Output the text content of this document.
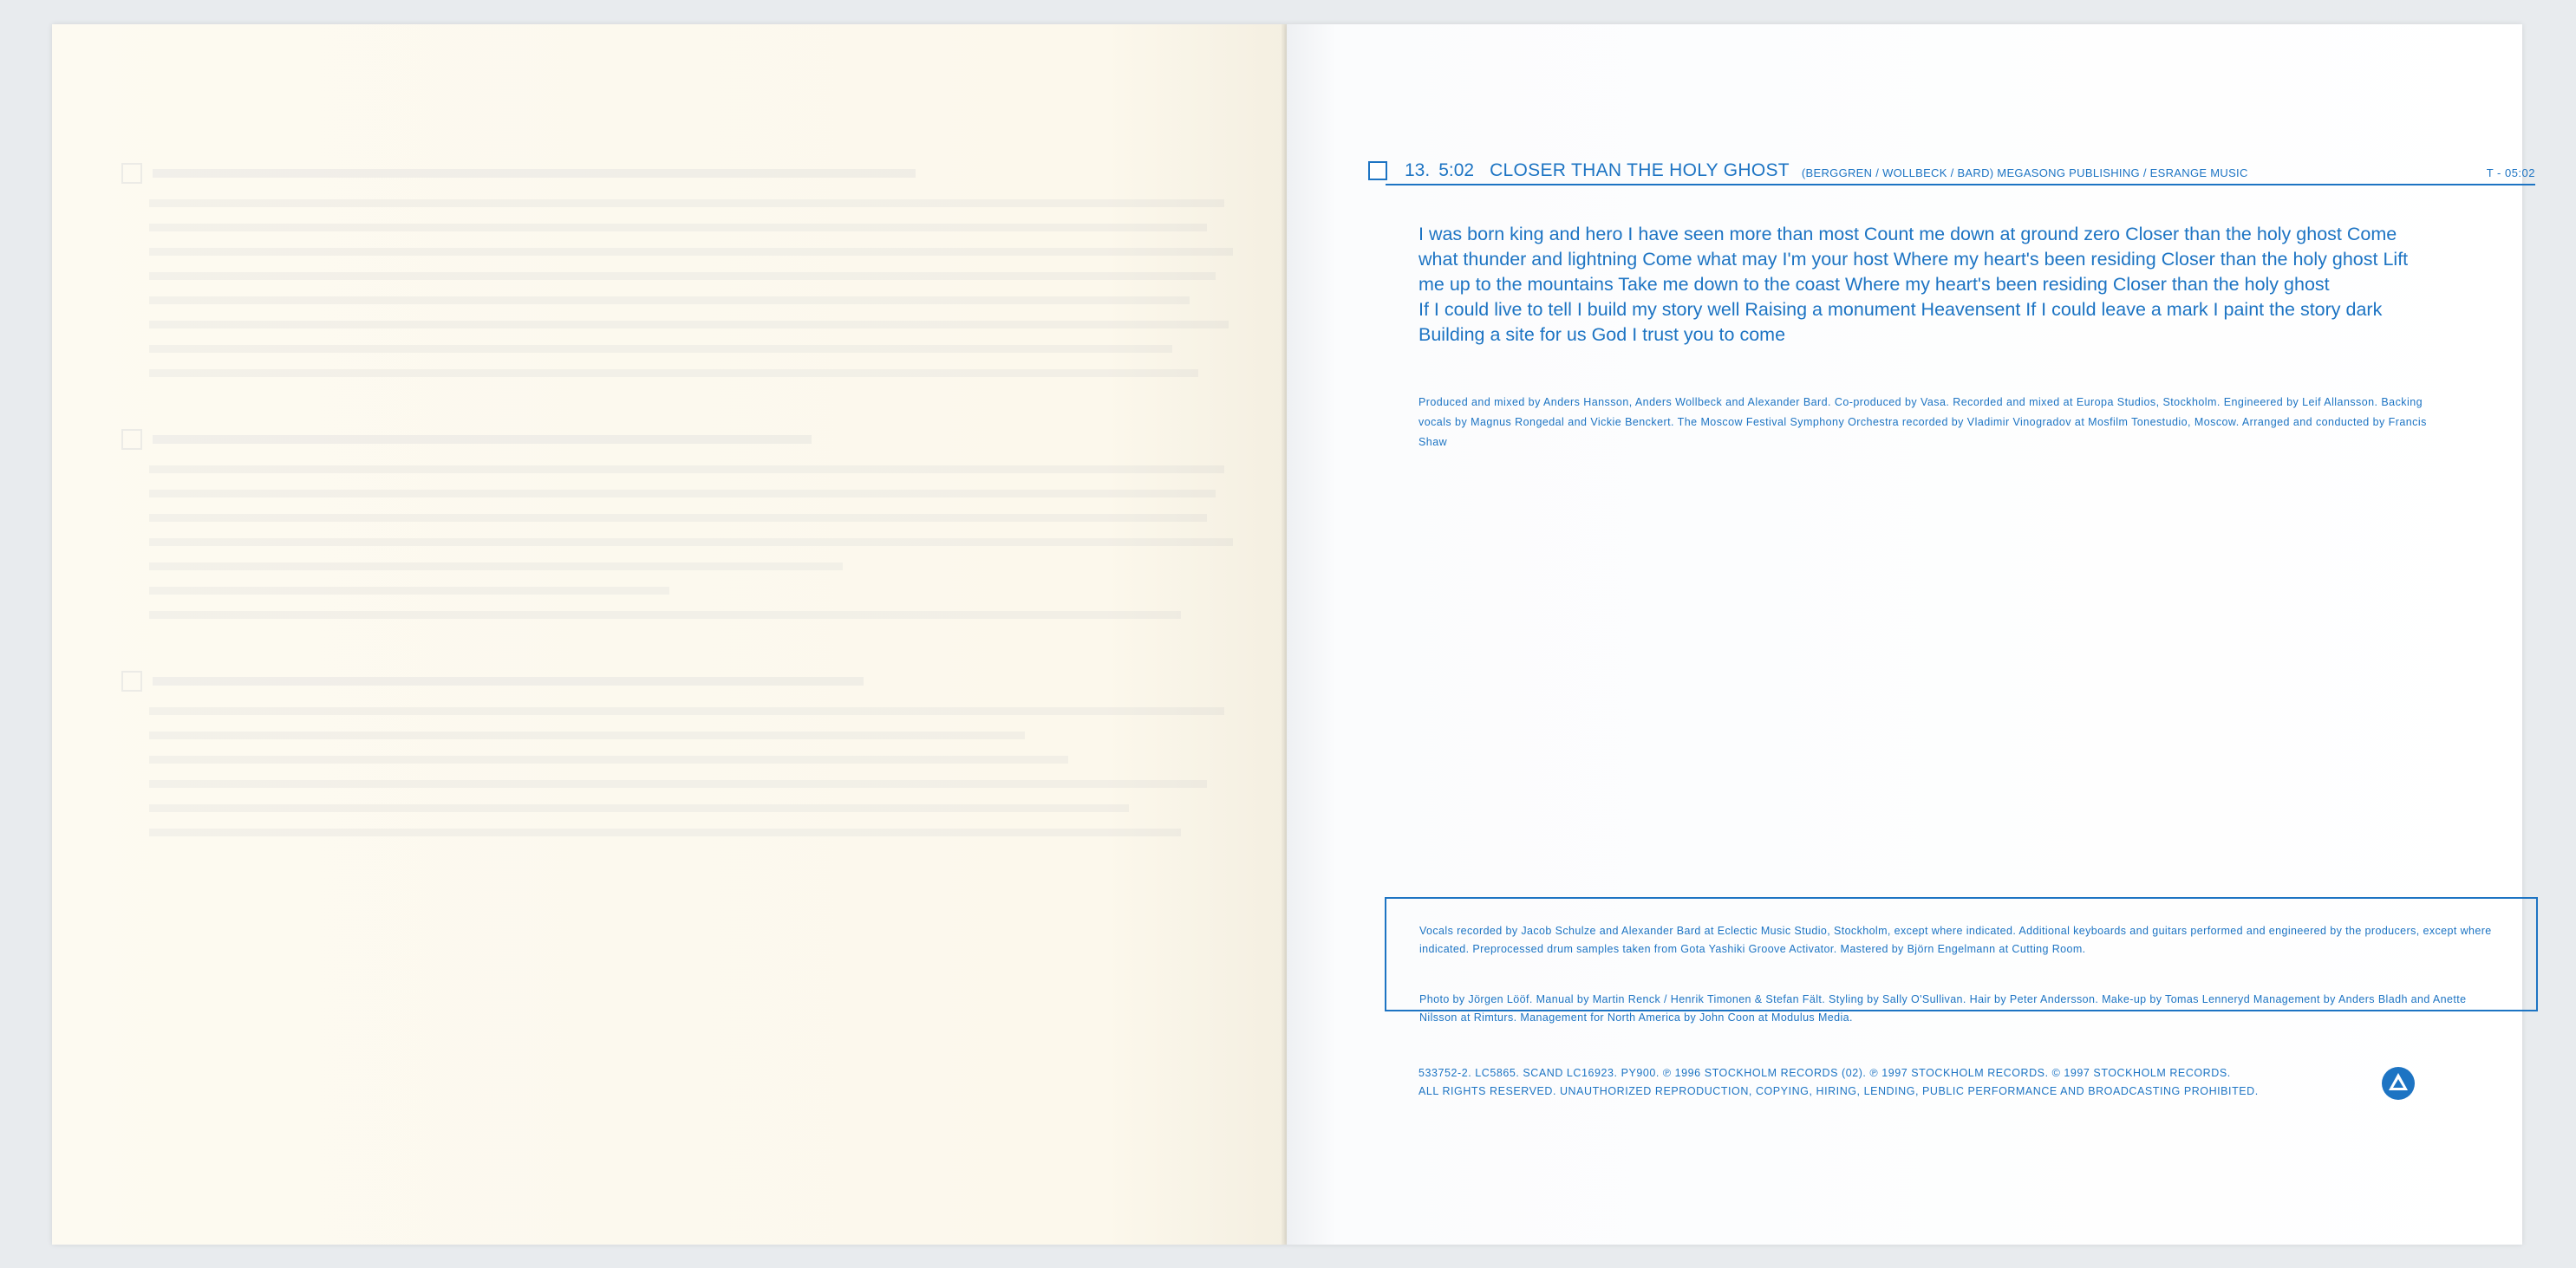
13. 5:02 CLOSER THAN THE HOLY GHOST (BERGGREN / WOLLBECK / BARD) MEGASONG PUBLISHING / ESRANGE MUSIC	T - 05:02

I was born king and hero I have seen more than most Count me down at ground zero Closer than the holy ghost Come what thunder and lightning Come what may I'm your host Where my heart's been residing Closer than the holy ghost Lift me up to the mountains Take me down to the coast Where my heart's been residing Closer than the holy ghost

If I could live to tell I build my story well Raising a monument Heavensent If I could leave a mark I paint the story dark Building a site for us God I trust you to come

Produced and mixed by Anders Hansson, Anders Wollbeck and Alexander Bard. Co-produced by Vasa. Recorded and mixed at Europa Studios, Stockholm. Engineered by Leif Allansson. Backing vocals by Magnus Rongedal and Vickie Benckert. The Moscow Festival Symphony Orchestra recorded by Vladimir Vinogradov at Mosfilm Tonestudio, Moscow. Arranged and conducted by Francis Shaw

Vocals recorded by Jacob Schulze and Alexander Bard at Eclectic Music Studio, Stockholm, except where indicated. Additional keyboards and guitars performed and engineered by the producers, except where indicated. Preprocessed drum samples taken from Gota Yashiki Groove Activator. Mastered by Björn Engelmann at Cutting Room.

Photo by Jörgen Lööf. Manual by Martin Renck / Henrik Timonen & Stefan Fält. Styling by Sally O'Sullivan. Hair by Peter Andersson. Make-up by Tomas Lenneryd Management by Anders Bladh and Anette Nilsson at Rimturs. Management for North America by John Coon at Modulus Media.

533752-2. LC5865. SCAND LC16923. PY900. ℗ 1996 STOCKHOLM RECORDS (02). ℗ 1997 STOCKHOLM RECORDS. © 1997 STOCKHOLM RECORDS.

ALL RIGHTS RESERVED. UNAUTHORIZED REPRODUCTION, COPYING, HIRING, LENDING, PUBLIC PERFORMANCE AND BROADCASTING PROHIBITED.
